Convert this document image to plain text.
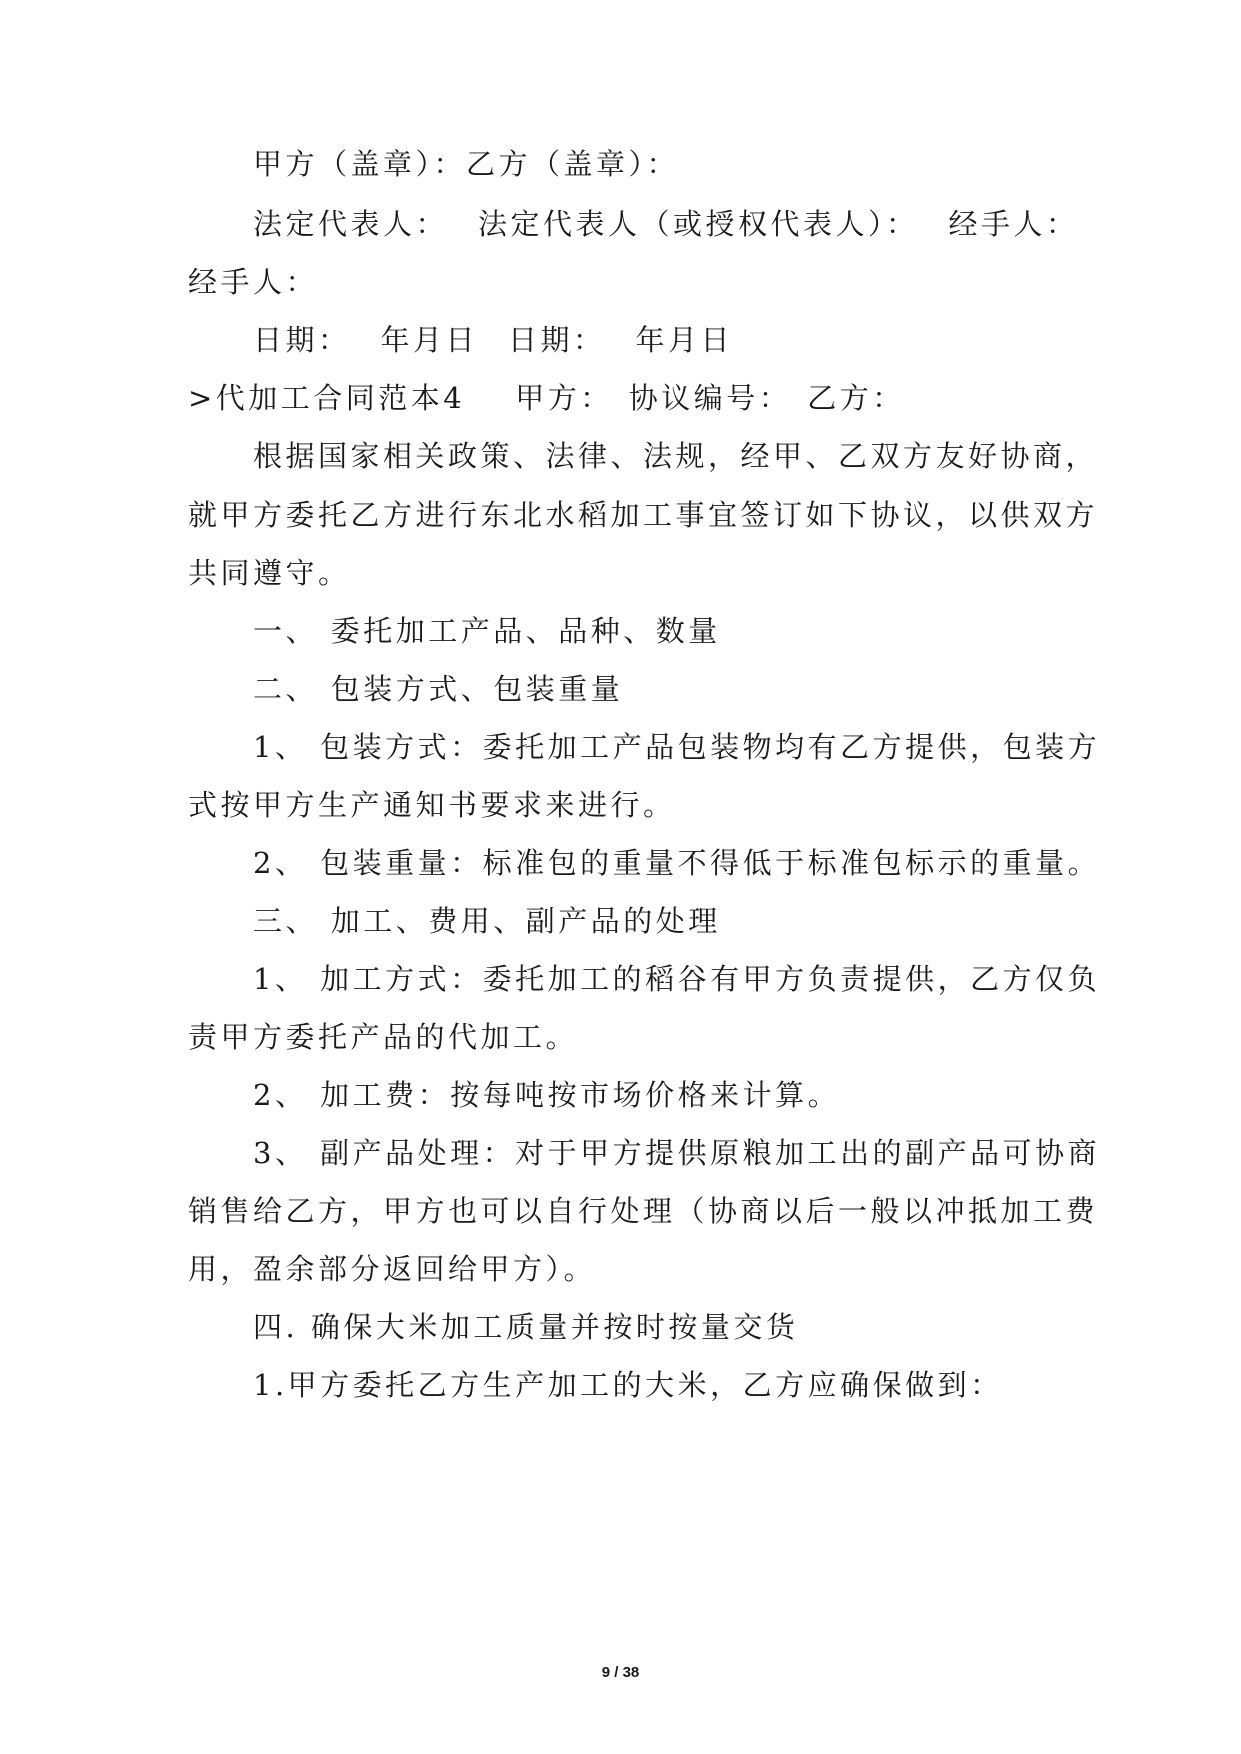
甲方（盖章）：乙方（盖章）：
法定代表人： 法定代表人（或授权代表人）： 经手人：
经手人：
日期： 年月日 日期： 年月日
>代加工合同范本4 甲方： 协议编号： 乙方：
根据国家相关政策、法律、法规，经甲、乙双方友好协商，
就甲方委托乙方进行东北水稻加工事宜签订如下协议，以供双方
共同遵守。
一、 委托加工产品、品种、数量
二、 包装方式、包装重量
1、 包装方式：委托加工产品包装物均有乙方提供，包装方
式按甲方生产通知书要求来进行。
2、 包装重量：标准包的重量不得低于标准包标示的重量。
三、 加工、费用、副产品的处理
1、 加工方式：委托加工的稻谷有甲方负责提供，乙方仅负
责甲方委托产品的代加工。
2、 加工费：按每吨按市场价格来计算。
3、 副产品处理：对于甲方提供原粮加工出的副产品可协商
销售给乙方，甲方也可以自行处理（协商以后一般以冲抵加工费
用，盈余部分返回给甲方）。
四. 确保大米加工质量并按时按量交货
1.甲方委托乙方生产加工的大米，乙方应确保做到：
9 / 38
